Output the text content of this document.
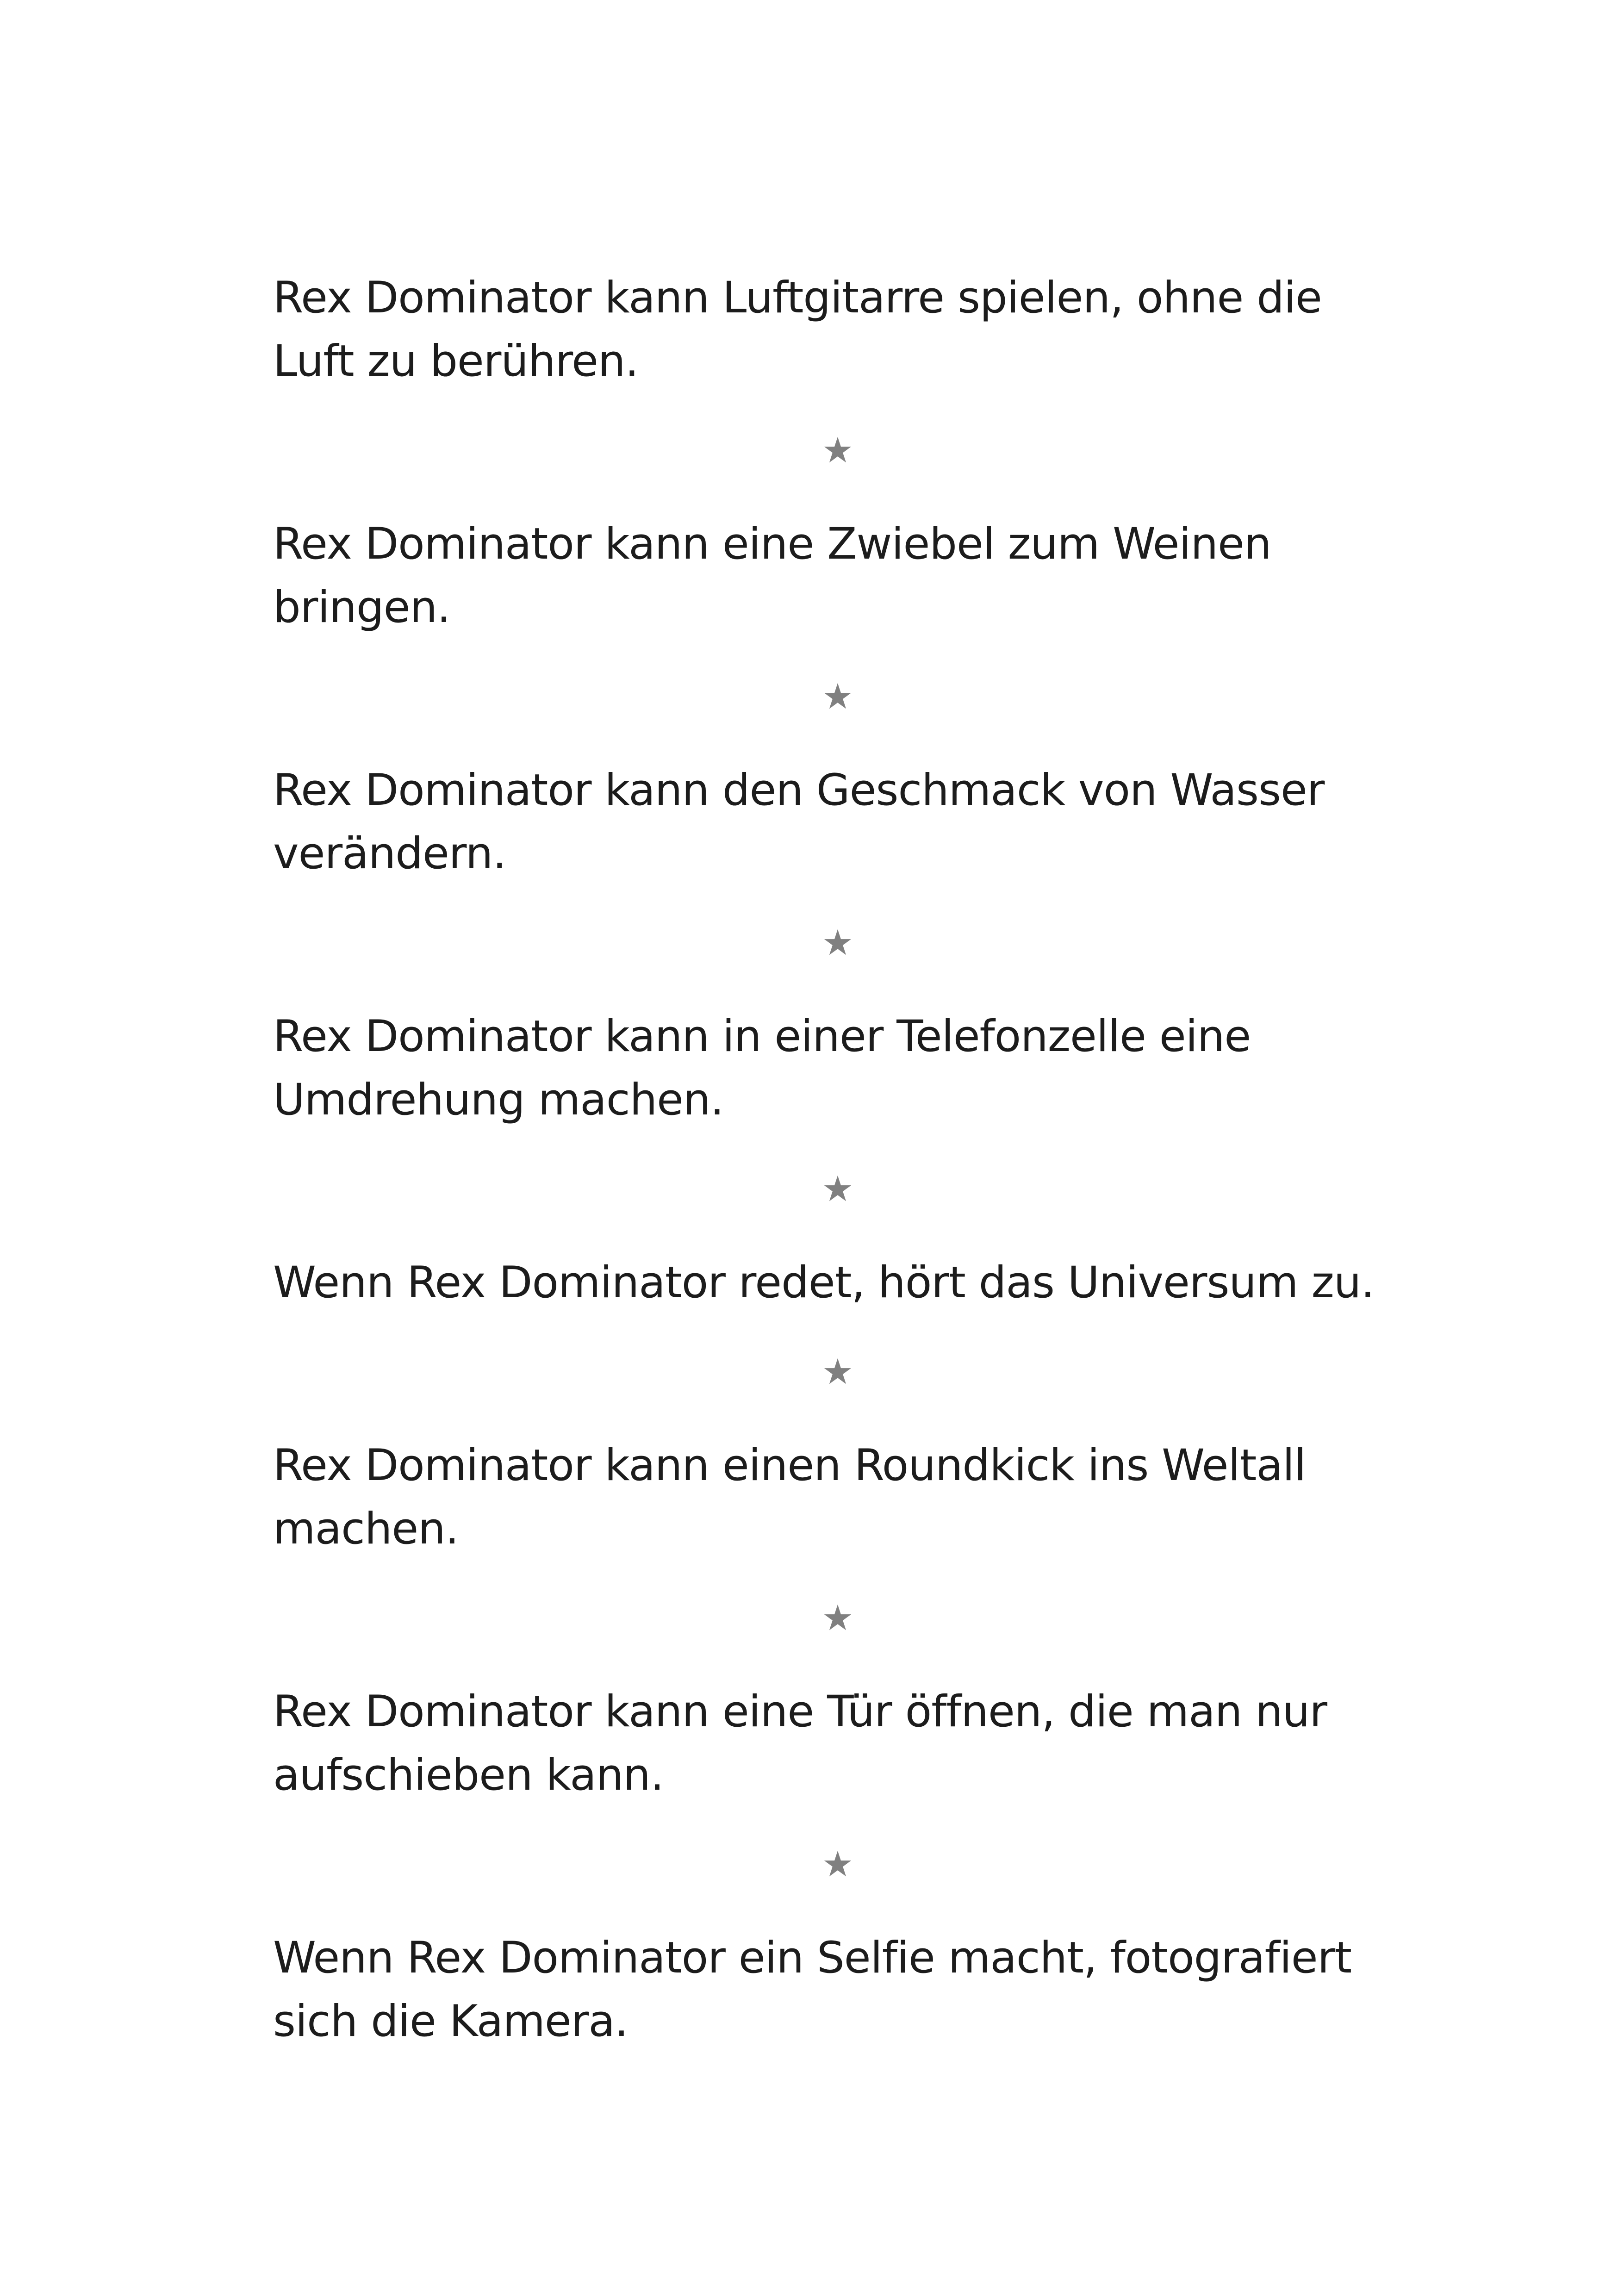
Rex Dominator kann Luftgitarre spielen, ohne die Luft zu berühren.

★

Rex Dominator kann eine Zwiebel zum Weinen bringen.

★

Rex Dominator kann den Geschmack von Wasser verändern.

★

Rex Dominator kann in einer Telefonzelle eine Umdrehung machen.

★

Wenn Rex Dominator redet, hört das Universum zu.

★

Rex Dominator kann einen Roundkick ins Weltall machen.

★

Rex Dominator kann eine Tür öffnen, die man nur aufschieben kann.

★

Wenn Rex Dominator ein Selfie macht, fotografiert sich die Kamera.
